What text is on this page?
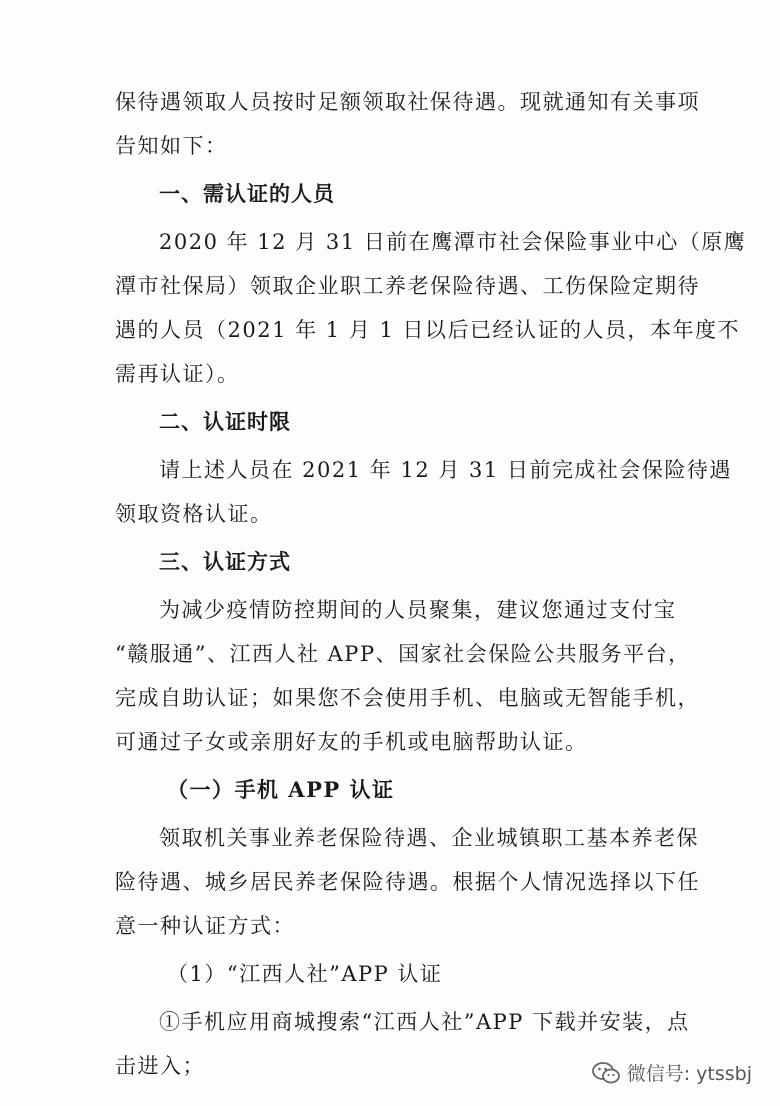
保待遇领取人员按时足额领取社保待遇。现就通知有关事项
告知如下：
一、需认证的人员
2020 年 12 月 31 日前在鹰潭市社会保险事业中心（原鹰
潭市社保局）领取企业职工养老保险待遇、工伤保险定期待
遇的人员（2021 年 1 月 1 日以后已经认证的人员，本年度不
需再认证）。
二、认证时限
请上述人员在 2021 年 12 月 31 日前完成社会保险待遇
领取资格认证。
三、认证方式
为减少疫情防控期间的人员聚集，建议您通过支付宝
“赣服通”、江西人社 APP、国家社会保险公共服务平台，
完成自助认证；如果您不会使用手机、电脑或无智能手机，
可通过子女或亲朋好友的手机或电脑帮助认证。
（一）手机 APP 认证
领取机关事业养老保险待遇、企业城镇职工基本养老保
险待遇、城乡居民养老保险待遇。根据个人情况选择以下任
意一种认证方式：
（1）“江西人社”APP 认证
①手机应用商城搜索“江西人社”APP 下载并安装，点
击进入；	微信号: ytssbj
